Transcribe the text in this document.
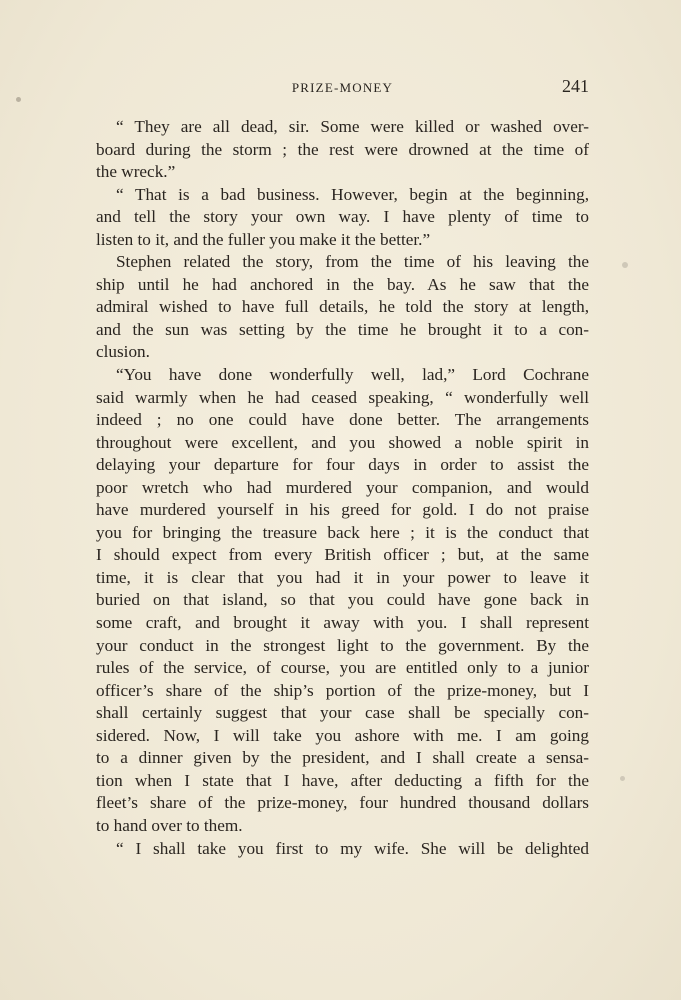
PRIZE-MONEY	241
“ They are all dead, sir. Some were killed or washed over-
board during the storm ; the rest were drowned at the time of
the wreck.”
“ That is a bad business. However, begin at the beginning,
and tell the story your own way. I have plenty of time to
listen to it, and the fuller you make it the better.”
Stephen related the story, from the time of his leaving the
ship until he had anchored in the bay. As he saw that the
admiral wished to have full details, he told the story at length,
and the sun was setting by the time he brought it to a con-
clusion.
“You have done wonderfully well, lad,” Lord Cochrane
said warmly when he had ceased speaking, “ wonderfully well
indeed ; no one could have done better. The arrangements
throughout were excellent, and you showed a noble spirit in
delaying your departure for four days in order to assist the
poor wretch who had murdered your companion, and would
have murdered yourself in his greed for gold. I do not praise
you for bringing the treasure back here ; it is the conduct that
I should expect from every British officer ; but, at the same
time, it is clear that you had it in your power to leave it
buried on that island, so that you could have gone back in
some craft, and brought it away with you. I shall represent
your conduct in the strongest light to the government. By the
rules of the service, of course, you are entitled only to a junior
officer’s share of the ship’s portion of the prize-money, but I
shall certainly suggest that your case shall be specially con-
sidered. Now, I will take you ashore with me. I am going
to a dinner given by the president, and I shall create a sensa-
tion when I state that I have, after deducting a fifth for the
fleet’s share of the prize-money, four hundred thousand dollars
to hand over to them.
“ I shall take you first to my wife. She will be delighted
